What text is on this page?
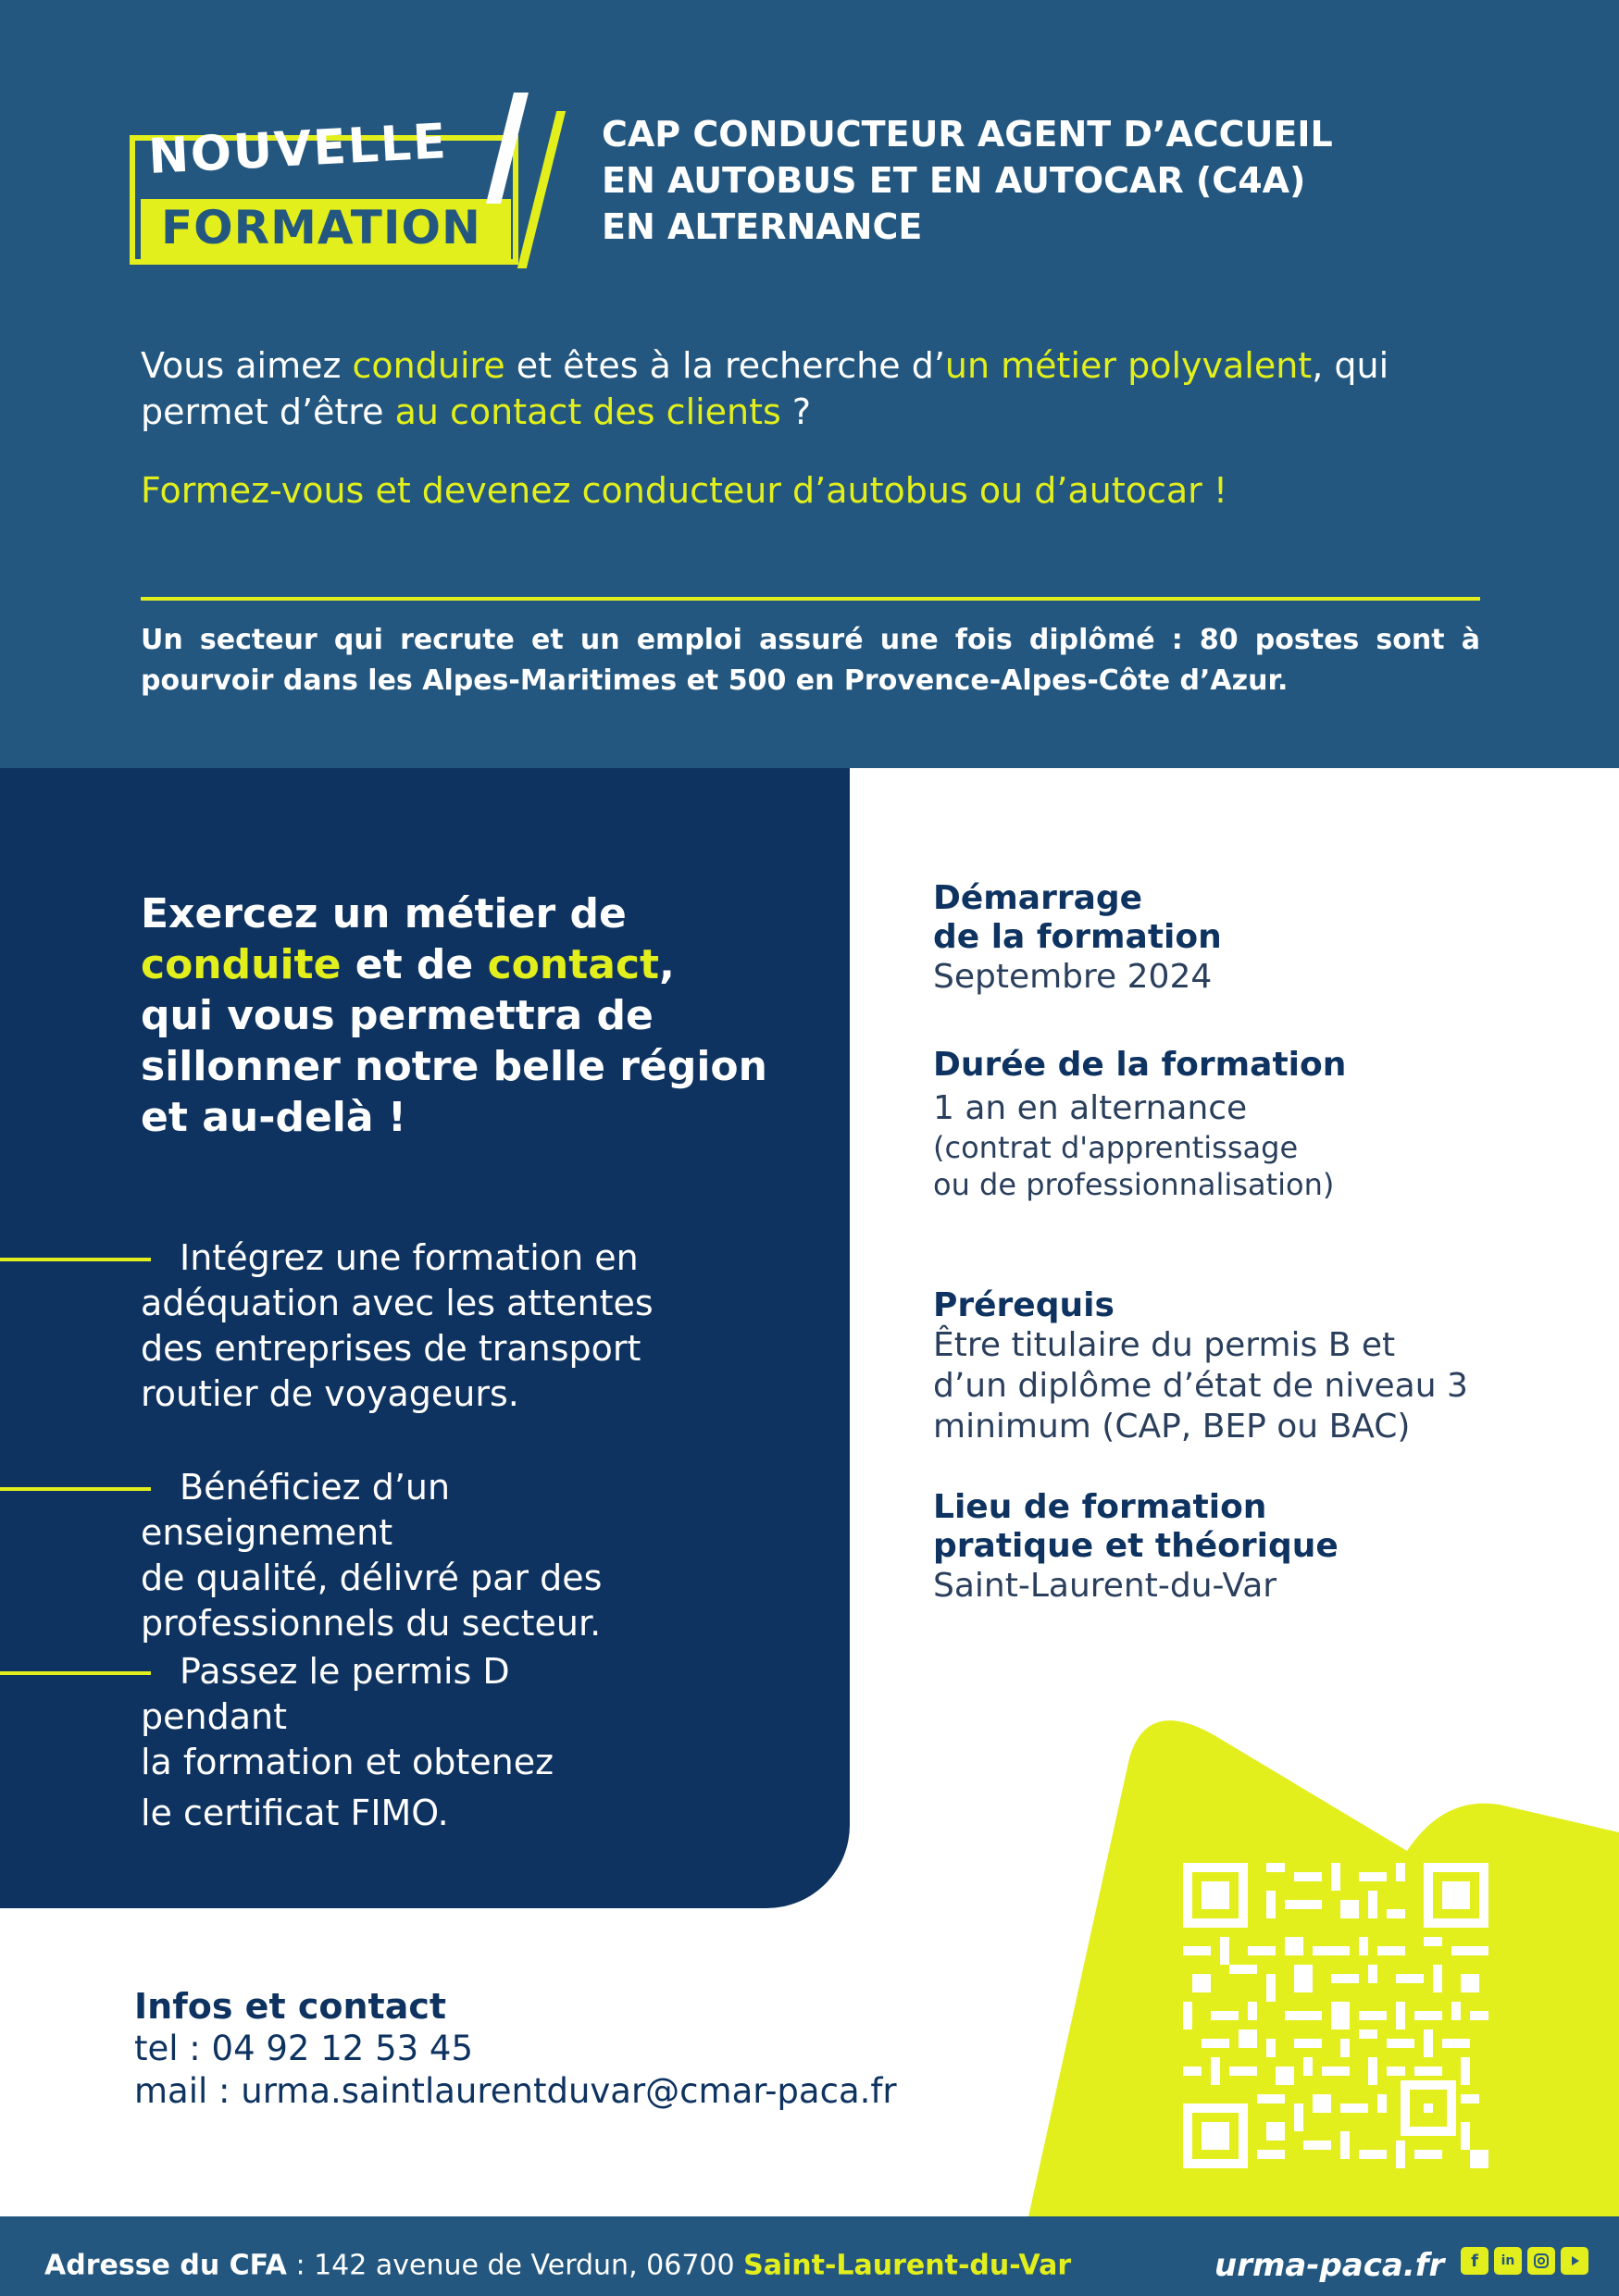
NOUVELLE
FORMATION
CAP CONDUCTEUR AGENT D’ACCUEIL
EN AUTOBUS ET EN AUTOCAR (C4A)
EN ALTERNANCE
Vous aimez conduire et êtes à la recherche d’un métier polyvalent, qui permet d’être au contact des clients ?
Formez-vous et devenez conducteur d’autobus ou d’autocar !
Un secteur qui recrute et un emploi assuré une fois diplômé : 80 postes sont à pourvoir dans les Alpes-Maritimes et 500 en Provence-Alpes-Côte d’Azur.
Exercez un métier de
conduite et de contact,
qui vous permettra de
sillonner notre belle région
et au-delà !
Intégrez une formation en
adéquation avec les attentes
des entreprises de transport
routier de voyageurs.
Bénéficiez d’un enseignement
de qualité, délivré par des
professionnels du secteur.
Passez le permis D pendant
la formation et obtenez
le certificat FIMO.
Démarrage
de la formation
Septembre 2024
Durée de la formation
1 an en alternance
(contrat d'apprentissage
ou de professionnalisation)
Prérequis
Être titulaire du permis B et
d’un diplôme d’état de niveau 3
minimum (CAP, BEP ou BAC)
Lieu de formation
pratique et théorique
Saint-Laurent-du-Var
Infos et contact
tel : 04 92 12 53 45
mail : urma.saintlaurentduvar@cmar-paca.fr
Adresse du CFA : 142 avenue de Verdun, 06700 Saint-Laurent-du-Var	urma-paca.fr	f	in
